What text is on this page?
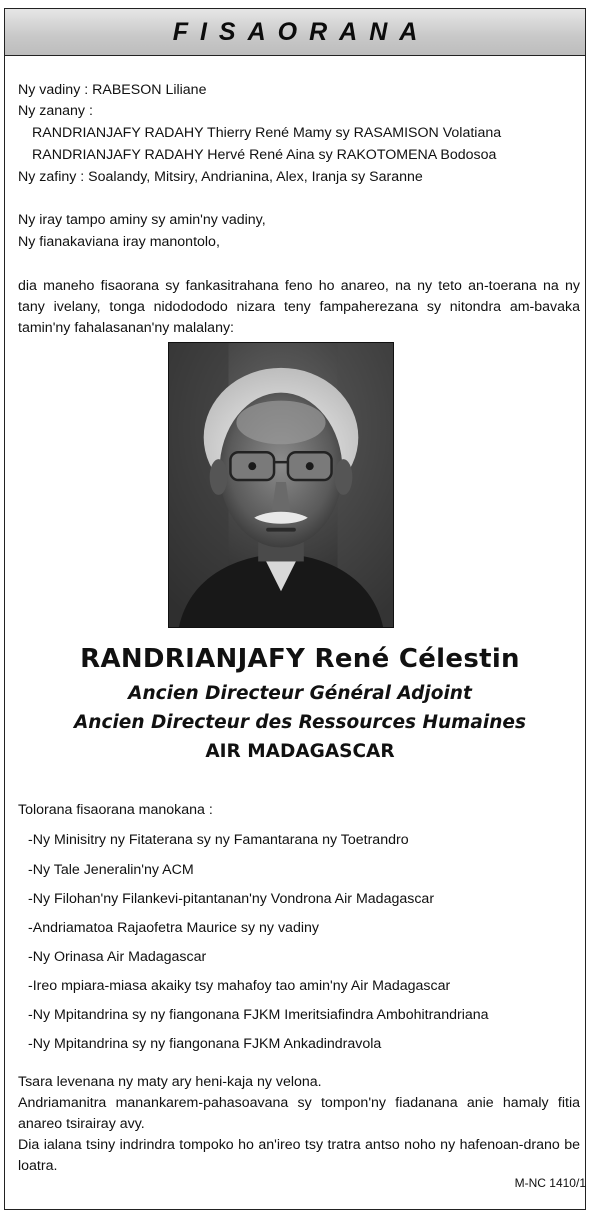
FISAORANA
Ny vadiny : RABESON Liliane
Ny zanany :
RANDRIANJAFY RADAHY Thierry René Mamy sy RASAMISON Volatiana
RANDRIANJAFY RADAHY Hervé René Aina sy RAKOTOMENA Bodosoa
Ny zafiny : Soalandy, Mitsiry, Andrianina, Alex, Iranja sy Saranne
Ny iray tampo aminy sy amin'ny vadiny,
Ny fianakaviana iray manontolo,
dia maneho fisaorana sy fankasitrahana feno ho anareo, na ny teto an-toerana na ny tany ivelany, tonga nidodododo nizara teny fampaherezana sy nitondra am-bavaka tamin'ny fahalasanan'ny malalany:
RANDRIANJAFY René Célestin
Ancien Directeur Général Adjoint
Ancien Directeur des Ressources Humaines
AIR MADAGASCAR
Tolorana fisaorana manokana :
-Ny Minisitry ny Fitaterana sy ny Famantarana ny Toetrandro
-Ny Tale Jeneralin'ny ACM
-Ny Filohan'ny Filankevi-pitantanan'ny Vondrona Air Madagascar
-Andriamatoa Rajaofetra Maurice sy ny vadiny
-Ny Orinasa Air Madagascar
-Ireo mpiara-miasa akaiky tsy mahafoy tao amin'ny Air Madagascar
-Ny Mpitandrina sy ny fiangonana FJKM Imeritsiafindra Ambohitrandriana
-Ny Mpitandrina sy ny fiangonana FJKM Ankadindravola
Tsara levenana ny maty ary heni-kaja ny velona.
Andriamanitra manankarem-pahasoavana sy tompon'ny fiadanana anie hamaly fitia anareo tsirairay avy.
Dia ialana tsiny indrindra tompoko ho an'ireo tsy tratra antso noho ny hafenoan-drano be loatra.
M-NC 1410/1
